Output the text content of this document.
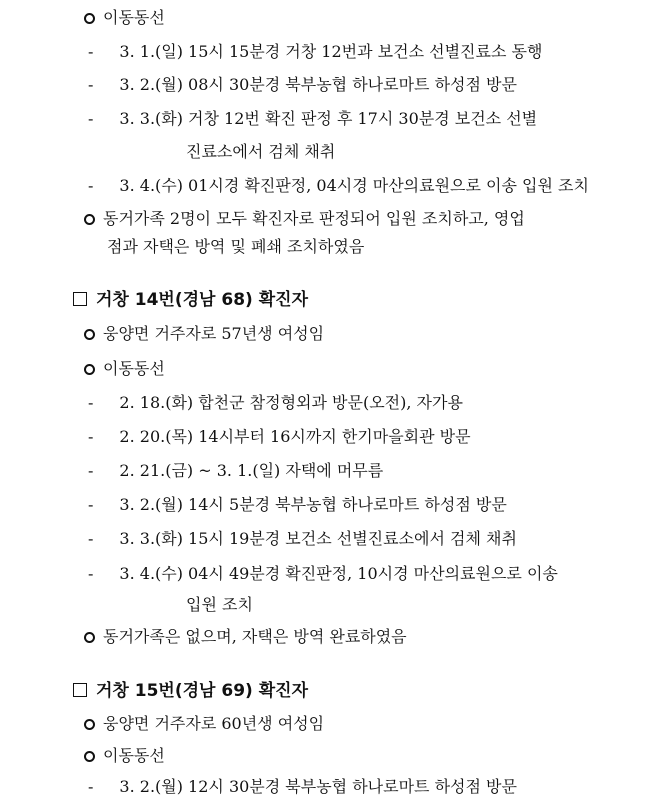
이동동선
- 3. 1.(일) 15시 15분경 거창 12번과 보건소 선별진료소 동행
- 3. 2.(월) 08시 30분경 북부농협 하나로마트 하성점 방문
- 3. 3.(화) 거창 12번 확진 판정 후 17시 30분경 보건소 선별
진료소에서 검체 채취
- 3. 4.(수) 01시경 확진판정, 04시경 마산의료원으로 이송 입원 조치
동거가족 2명이 모두 확진자로 판정되어 입원 조치하고, 영업
점과 자택은 방역 및 폐쇄 조치하였음
거창 14번(경남 68) 확진자
웅양면 거주자로 57년생 여성임
이동동선
- 2. 18.(화) 합천군 참정형외과 방문(오전), 자가용
- 2. 20.(목) 14시부터 16시까지 한기마을회관 방문
- 2. 21.(금) ~ 3. 1.(일) 자택에 머무름
- 3. 2.(월) 14시 5분경 북부농협 하나로마트 하성점 방문
- 3. 3.(화) 15시 19분경 보건소 선별진료소에서 검체 채취
- 3. 4.(수) 04시 49분경 확진판정, 10시경 마산의료원으로 이송
입원 조치
동거가족은 없으며, 자택은 방역 완료하였음
거창 15번(경남 69) 확진자
웅양면 거주자로 60년생 여성임
이동동선
- 3. 2.(월) 12시 30분경 북부농협 하나로마트 하성점 방문
